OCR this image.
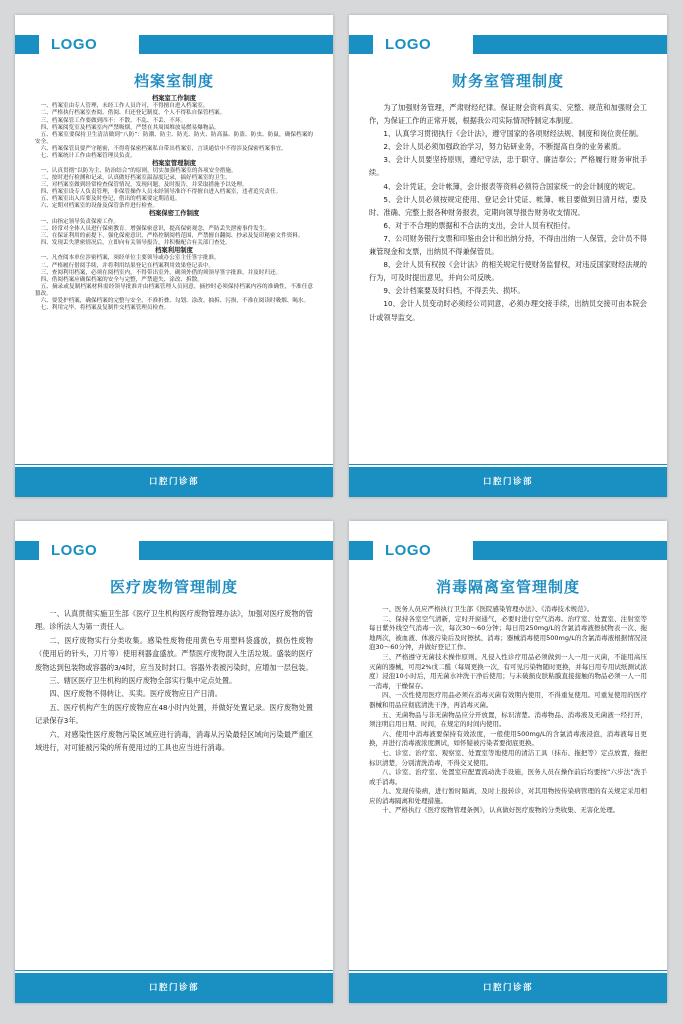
LOGO
档案室制度

档案室工作制度

一、档案室由专人管理，未经工作人员许可，不得擅自进入档案室。

二、严格执行档案室查阅、借阅、归还登记制度，个人不得私自保管档案。

三、档案保管工作要做到四不：不散、不乱、不丢、不坏。

四、档案阅览室及档案室内严禁吸烟，严禁在其周围堆放易燃易爆物品。

五、档案室要保持卫生清洁做到“八防”：防潮、防尘、防光、防火、防高温、防盗、防虫、防鼠，确保档案的安全。

六、档案保管员要严守秘密，不得将保密档案私自带出档案室，言谈通信中不得涉及保密档案事宜。

七、档案统计工作由档案管理员负责。

档案室管理制度

一、认真贯彻“以防为主、防治结合”的原则，切实加强档案室的各项安全措施。

二、按时进行检测和记录，认真做好档案室温湿度记录，搞好档案室的卫生。

三、对档案室做到经常检查保管情况，发现问题，及时报告，并采取措施予以处理。

四、档案室设专人负责管理，非保管操作人员未经领导准许不得擅自进入档案室，违者追究责任。

五、档案室出入库要及时登记，借出的档案要定期清退。

六、定期对档案室的设备及保管条件进行检查。

档案保密工作制度

一、由指定领导负责保密工作。

二、经常对全体人员进行保密教育。增强保密意识，提高保密观念，严防丢失泄密事件发生。

三、在保证利用的前提下，强化保密意识，严格控制阅档范围，严禁擅自翻阅、抄录及复印秘密文件资料。

四、发现丢失泄密情况后，立即向有关领导报告，并积极配合有关部门查处。

档案利用制度

一、凡查阅本单位涉密档案，须经单位主要领导或办公室主任签字批准。

二、严格履行借阅手续，并将利用结果登记在档案利用效果登记表中。

三、查阅利用档案，必须在阅档室内，不得带出室外，确须外借的须领导签字批准，并及时归还。

四、借阅档案应确保档案的安全与完整，严禁遗失、涂改、拆散。

五、摘录或复制档案材料需经领导批准并由档案管理人员同意，摘抄时必须保持档案内容的准确性，不准任意篡改。

六、要爱护档案，确保档案的完整与安全，不准折叠、勾划、涂改、抽拆、污损，不准在阅读时吸烟、喝水。

七、利用完毕，将档案及复制件交档案管理员检查。

口腔门诊部
LOGO
财务室管理制度

为了加强财务管理，严肃财经纪律。保证财会资料真实、完整、规范和加强财会工作，为保证工作的正常开展，根据我公司实际情况特制定本制度。

1、认真学习贯彻执行《会计法》，遵守国家的各项财经法规、制度和岗位责任制。

2、会计人员必须加强政治学习，努力钻研业务，不断提高自身的业务素质。

3、会计人员要坚持原则，遵纪守法，忠于职守、廉洁奉公；严格履行财务审批手续。

4、会计凭证，会计帐簿，会计报表等资料必须符合国家统一的会计制度的规定。

5、会计人员必须按规定使用、登记会计凭证、帐簿、帐目要做到日清月结，要及时、准确、完整上报各种财务报表，定期向领导报告财务收支情况。

6、对于不合理的票据和不合法的支出，会计人员有权拒付。

7、公司财务银行支票和印鉴由会计和出纳分持，不得由出纳一人保管，会计员不得兼管现金和支票，出纳员不得兼保管员。

8、会计人员有权按《会计法》的相关规定行使财务监督权，对违反国家财经法规的行为，可及时提出意见，并向公司反映。

9、会计档案要及时归档，不得丢失、损坏。

10、会计人员变动时必须经公司同意，必须办理交接手续，出纳员交接可由本院会计或领导监交。

口腔门诊部
LOGO
医疗废物管理制度

一、认真贯彻实施卫生部《医疗卫生机构医疗废物管理办法》，加强对医疗废物的管理。诊所法人为第一责任人。

二、医疗废物实行分类收集。感染性废物使用黄色专用塑料袋盛放，损伤性废物（使用后的针头，刀片等）使用利器盒盛放。严禁医疗废物混入生活垃圾。盛装的医疗废物达到包装物或容器的3/4时，应当及时封口。容器外表被污染时，应增加一层包装。

三、辖区医疗卫生机构的医疗废物全部实行集中定点处置。

四、医疗废物不得转让、买卖。医疗废物应日产日清。

五、医疗机构产生的医疗废物应在48小时内处置，并做好处置记录。医疗废物处置记录保存3年。

六、对感染性医疗废物污染区域应进行消毒，消毒从污染最轻区域向污染最严重区域进行，对可能被污染的所有使用过的工具也应当进行消毒。

口腔门诊部
LOGO
消毒隔离室管理制度

一、医务人员应严格执行卫生部《医院感染管理办法》、《消毒技术规范》。

二、保持各室空气清新，定时开窗通气，必要时进行空气消毒。治疗室、处置室、注射室等每日紫外线空气消毒一次，每次30～60分钟；每日用250mg/L的含氯消毒液擦拭物表一次、拖地两次，被血液、体液污染后及时擦拭、消毒；器械消毒使用500mg/L的含氯消毒液根据情况浸泡30～60分钟，并做好登记工作。

三、严格遵守无菌技术操作原则。凡侵入性诊疗用品必须做到一人一用一灭菌，不能用高压灭菌的器械，可用2%戊二醛（每周更换一次，有可见污染物随时更换，并每日用专用试纸测试浓度）浸泡10小时后，用无菌水冲洗干净后使用；与未破损皮肤粘膜直接接触的物品必须一人一用一消毒，干燥保存。

四、一次性使用医疗用品必须在消毒灭菌有效期内使用，不得重复使用。可重复使用的医疗器械和用品应彻底清洗干净，再消毒灭菌。

五、无菌物品与非无菌物品应分开放置，标识清楚。消毒物品、消毒液及无菌液一经打开，须注明启用日期、时间，在规定的时间内使用。

六、使用中消毒液要保持有效浓度，一般使用500mg/L的含氯消毒液浸泡，消毒液每日更换，并进行消毒液浓度测试，如怀疑被污染者要彻底更换。

七、诊室、治疗室、观察室、处置室等地使用的清洁工具（抹布、拖把等）定点放置，拖把标识清楚，分别清洗消毒，不得交叉使用。

八、诊室、治疗室、处置室应配置流动洗手设施，医务人员在操作前后均要按“六步法”洗手或手消毒。

九、发现传染病，进行暂时隔离，及时上报转诊，对其用物按传染病管理的有关规定采用相应的消毒隔离和处理措施。

十、严格执行《医疗废物管理条例》，认真做好医疗废物的分类收集、无害化处理。

口腔门诊部
